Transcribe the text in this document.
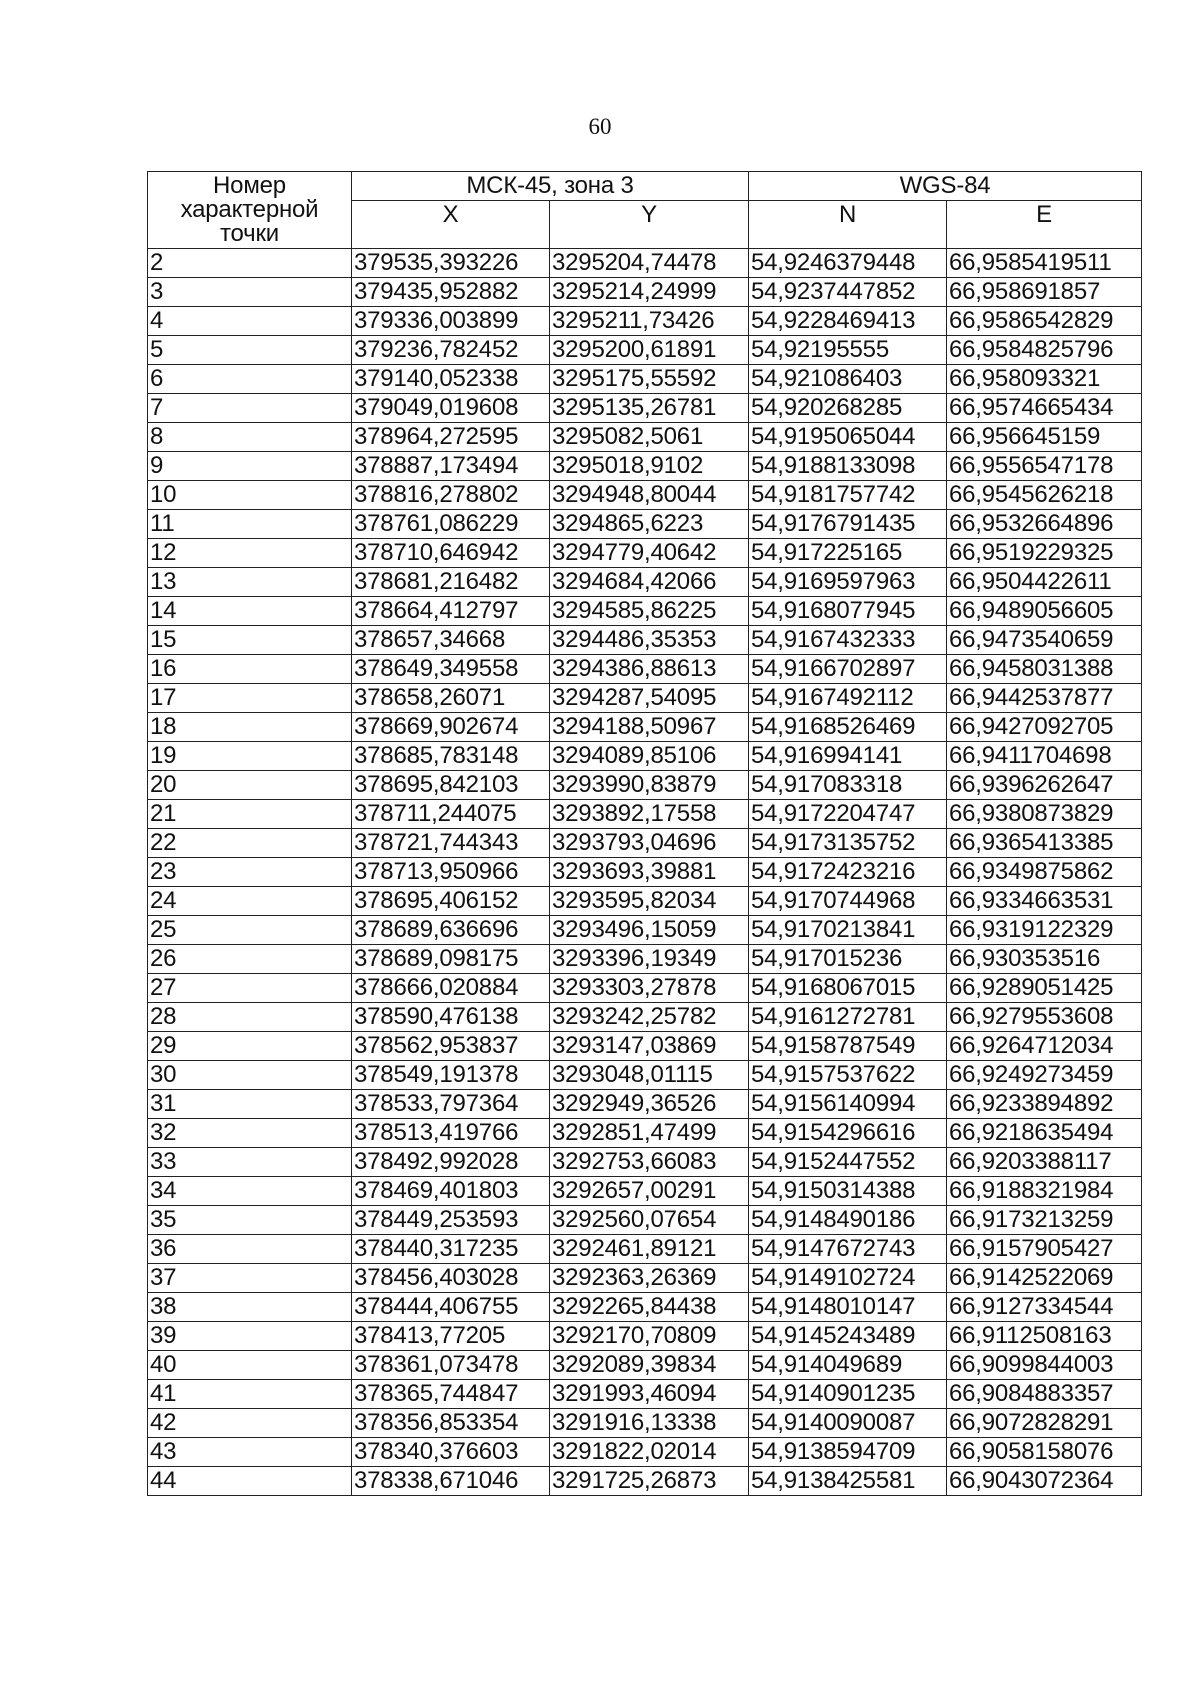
60
Номер характерной точки	МСК-45, зона 3		WGS-84	
	X	Y	N	E
2	379535,393226	3295204,74478	54,9246379448	66,9585419511
3	379435,952882	3295214,24999	54,9237447852	66,958691857
4	379336,003899	3295211,73426	54,9228469413	66,9586542829
5	379236,782452	3295200,61891	54,92195555	66,9584825796
6	379140,052338	3295175,55592	54,921086403	66,958093321
7	379049,019608	3295135,26781	54,920268285	66,9574665434
8	378964,272595	3295082,5061	54,9195065044	66,956645159
9	378887,173494	3295018,9102	54,9188133098	66,9556547178
10	378816,278802	3294948,80044	54,9181757742	66,9545626218
11	378761,086229	3294865,6223	54,9176791435	66,9532664896
12	378710,646942	3294779,40642	54,917225165	66,9519229325
13	378681,216482	3294684,42066	54,9169597963	66,9504422611
14	378664,412797	3294585,86225	54,9168077945	66,9489056605
15	378657,34668	3294486,35353	54,9167432333	66,9473540659
16	378649,349558	3294386,88613	54,9166702897	66,9458031388
17	378658,26071	3294287,54095	54,9167492112	66,9442537877
18	378669,902674	3294188,50967	54,9168526469	66,9427092705
19	378685,783148	3294089,85106	54,916994141	66,9411704698
20	378695,842103	3293990,83879	54,917083318	66,9396262647
21	378711,244075	3293892,17558	54,9172204747	66,9380873829
22	378721,744343	3293793,04696	54,9173135752	66,9365413385
23	378713,950966	3293693,39881	54,9172423216	66,9349875862
24	378695,406152	3293595,82034	54,9170744968	66,9334663531
25	378689,636696	3293496,15059	54,9170213841	66,9319122329
26	378689,098175	3293396,19349	54,917015236	66,930353516
27	378666,020884	3293303,27878	54,9168067015	66,9289051425
28	378590,476138	3293242,25782	54,9161272781	66,9279553608
29	378562,953837	3293147,03869	54,9158787549	66,9264712034
30	378549,191378	3293048,01115	54,9157537622	66,9249273459
31	378533,797364	3292949,36526	54,9156140994	66,9233894892
32	378513,419766	3292851,47499	54,9154296616	66,9218635494
33	378492,992028	3292753,66083	54,9152447552	66,9203388117
34	378469,401803	3292657,00291	54,9150314388	66,9188321984
35	378449,253593	3292560,07654	54,9148490186	66,9173213259
36	378440,317235	3292461,89121	54,9147672743	66,9157905427
37	378456,403028	3292363,26369	54,9149102724	66,9142522069
38	378444,406755	3292265,84438	54,9148010147	66,9127334544
39	378413,77205	3292170,70809	54,9145243489	66,9112508163
40	378361,073478	3292089,39834	54,914049689	66,9099844003
41	378365,744847	3291993,46094	54,9140901235	66,9084883357
42	378356,853354	3291916,13338	54,9140090087	66,9072828291
43	378340,376603	3291822,02014	54,9138594709	66,9058158076
44	378338,671046	3291725,26873	54,9138425581	66,9043072364
